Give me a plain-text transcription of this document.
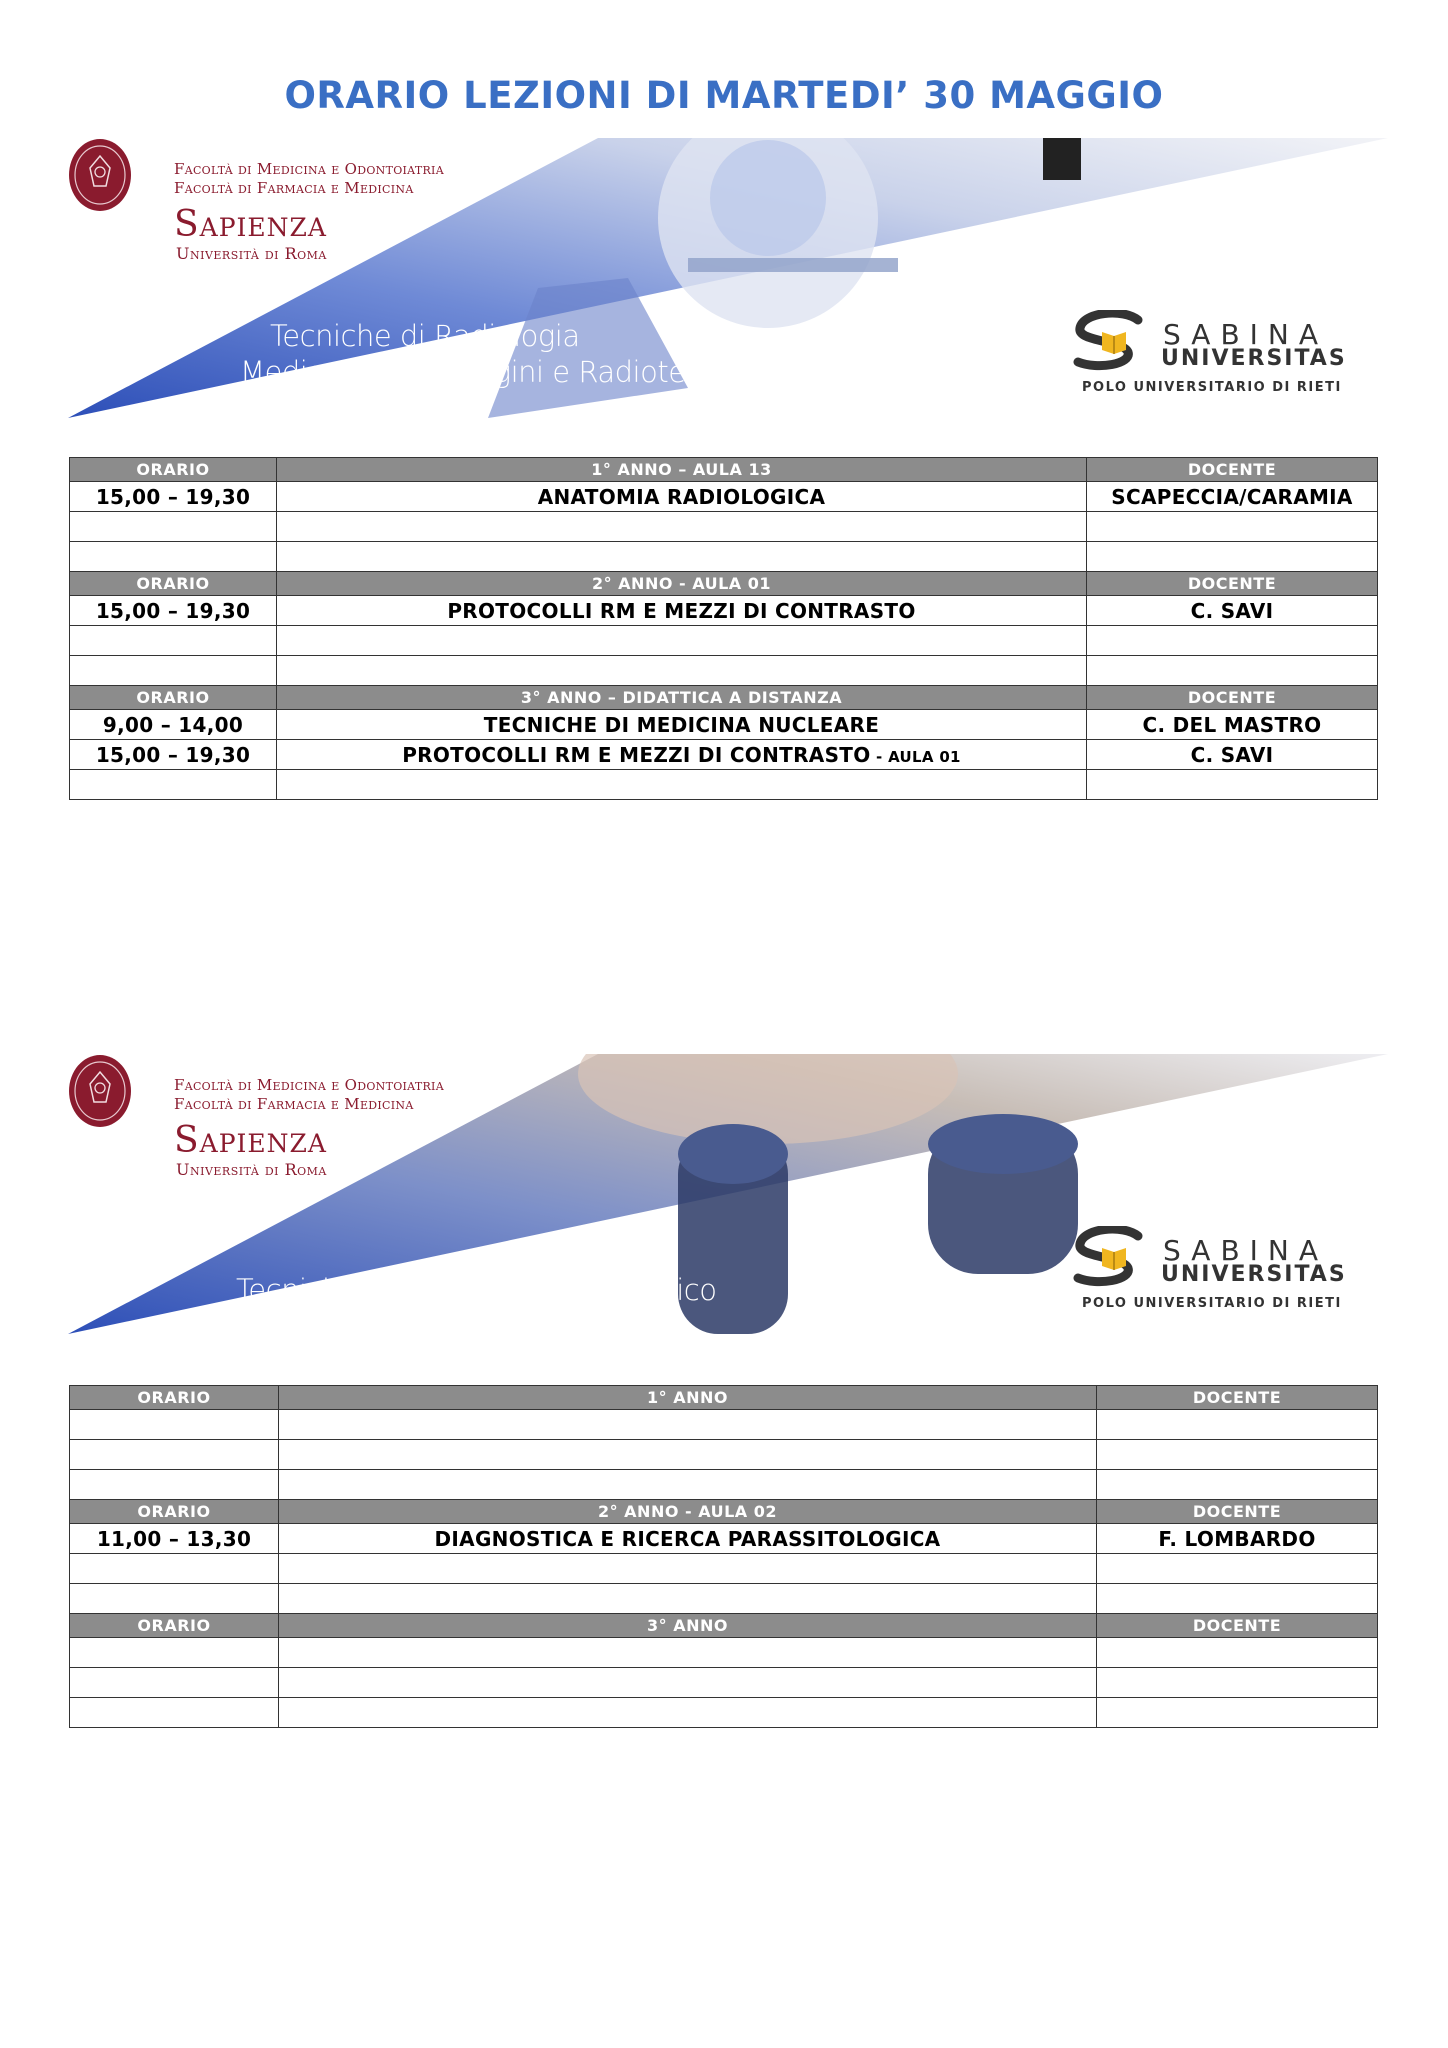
ORARIO LEZIONI DI MARTEDI’ 30 MAGGIO
Facoltà di Medicina e Odontoiatria
Facoltà di Farmacia e Medicina
Sapienza
Università di Roma
Tecniche di Radiologia
Medica, per Immagini e Radioterapia
SABINA
UNIVERSITAS
POLO UNIVERSITARIO DI RIETI
ORARIO	1° ANNO – AULA 13	DOCENTE
15,00 – 19,30	ANATOMIA RADIOLOGICA	SCAPECCIA/CARAMIA

ORARIO	2° ANNO - AULA 01	DOCENTE
15,00 – 19,30	PROTOCOLLI RM E MEZZI DI CONTRASTO	C. SAVI

ORARIO	3° ANNO – DIDATTICA A DISTANZA	DOCENTE
9,00 – 14,00	TECNICHE DI MEDICINA NUCLEARE	C. DEL MASTRO
15,00 – 19,30	PROTOCOLLI RM E MEZZI DI CONTRASTO - AULA 01	C. SAVI

Facoltà di Medicina e Odontoiatria
Facoltà di Farmacia e Medicina
Sapienza
Università di Roma
Tecniche di Laboratorio Biomedico
SABINA
UNIVERSITAS
POLO UNIVERSITARIO DI RIETI
ORARIO	1° ANNO	DOCENTE

ORARIO	2° ANNO - AULA 02	DOCENTE
11,00 – 13,30	DIAGNOSTICA E RICERCA PARASSITOLOGICA	F. LOMBARDO

ORARIO	3° ANNO	DOCENTE
